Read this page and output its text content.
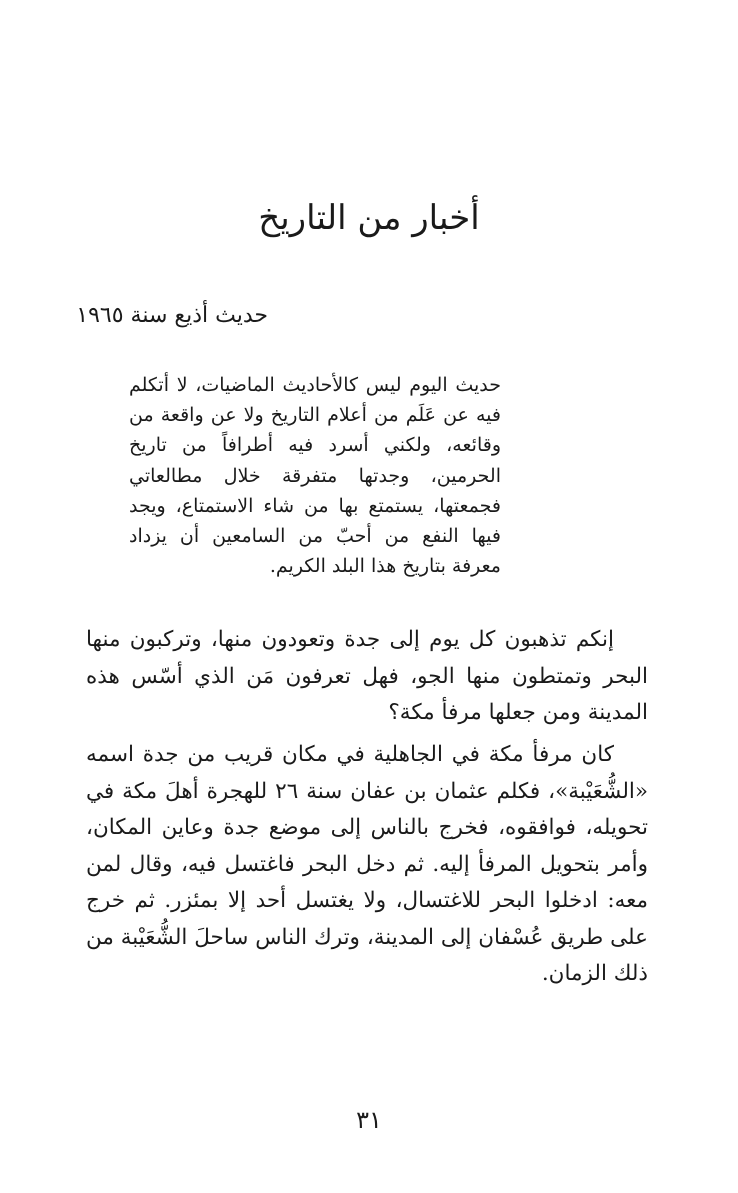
أخبار من التاريخ

حديث أذيع سنة ١٩٦٥

حديث اليوم ليس كالأحاديث الماضيات، لا أتكلم فيه عن عَلَم من أعلام التاريخ ولا عن واقعة من وقائعه، ولكني أسرد فيه أطرافاً من تاريخ الحرمين، وجدتها متفرقة خلال مطالعاتي فجمعتها، يستمتع بها من شاء الاستمتاع، ويجد فيها النفع من أحبّ من السامعين أن يزداد معرفة بتاريخ هذا البلد الكريم.

إنكم تذهبون كل يوم إلى جدة وتعودون منها، وتركبون منها البحر وتمتطون منها الجو، فهل تعرفون مَن الذي أسّس هذه المدينة ومن جعلها مرفأ مكة؟

كان مرفأ مكة في الجاهلية في مكان قريب من جدة اسمه «الشُّعَيْبة»، فكلم عثمان بن عفان سنة ٢٦ للهجرة أهلَ مكة في تحويله، فوافقوه، فخرج بالناس إلى موضع جدة وعاين المكان، وأمر بتحويل المرفأ إليه. ثم دخل البحر فاغتسل فيه، وقال لمن معه: ادخلوا البحر للاغتسال، ولا يغتسل أحد إلا بمئزر. ثم خرج على طريق عُسْفان إلى المدينة، وترك الناس ساحلَ الشُّعَيْبة من ذلك الزمان.

٣١
